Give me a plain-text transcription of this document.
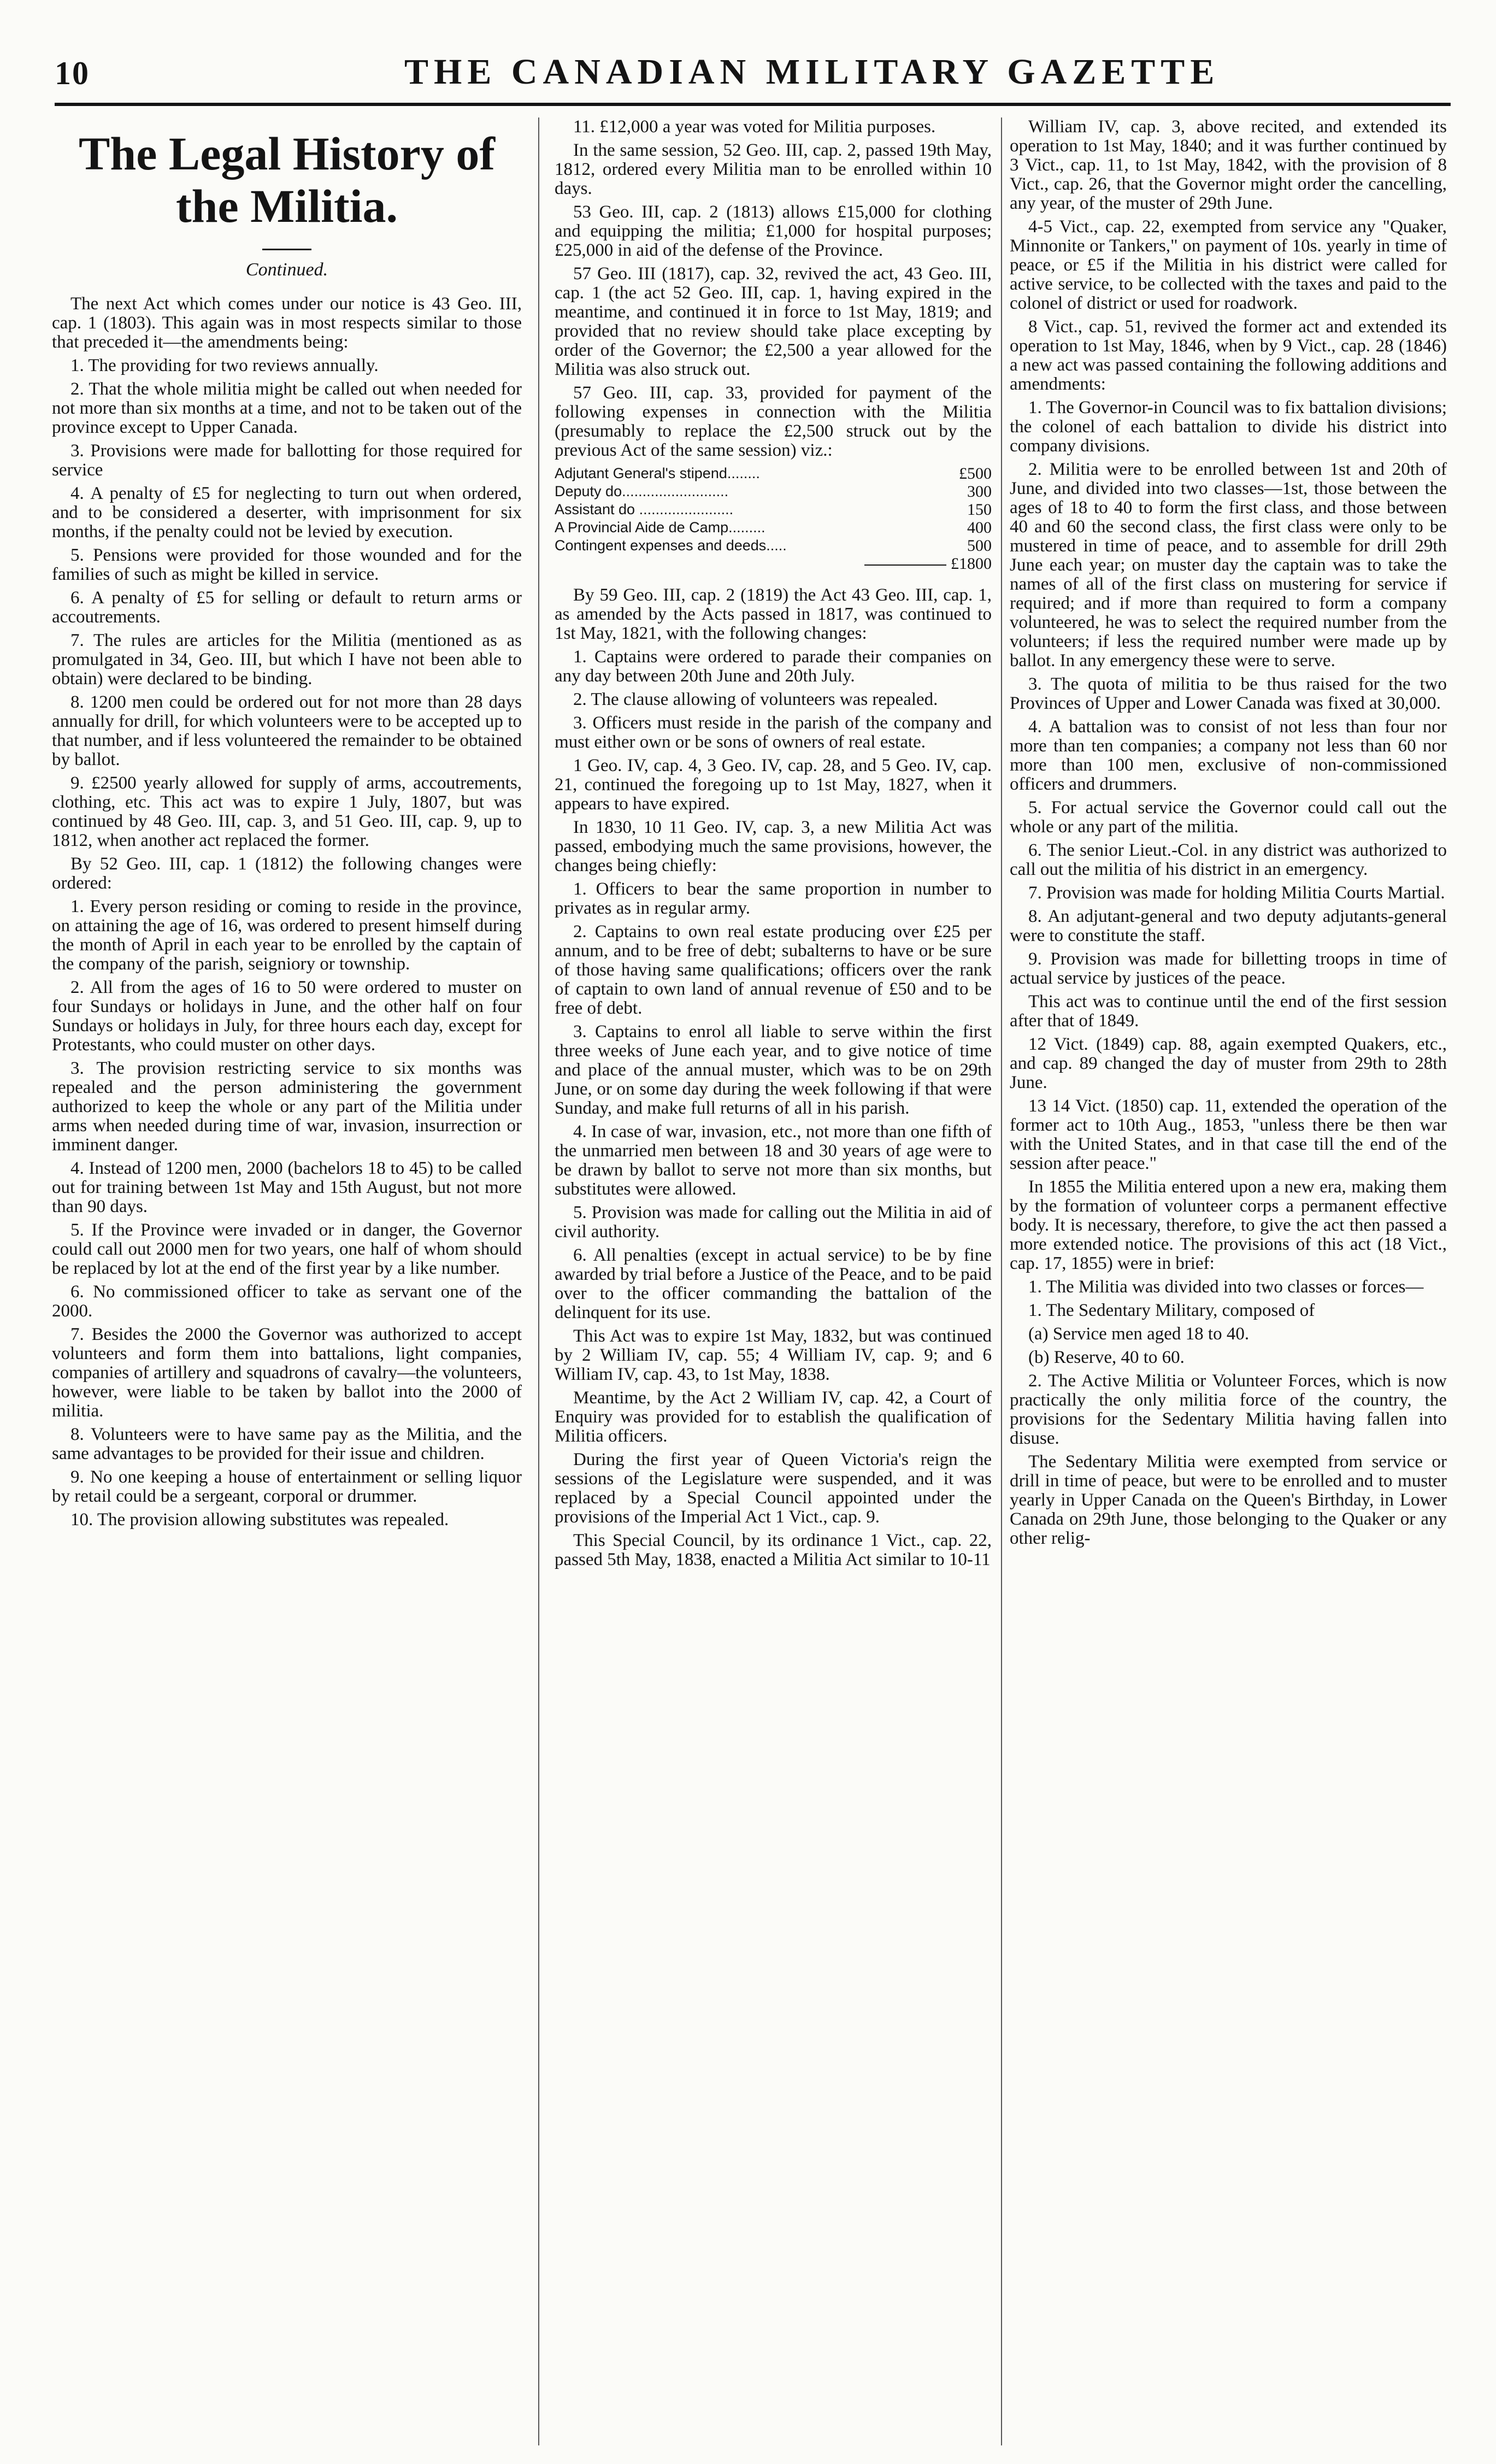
10	THE CANADIAN MILITARY GAZETTE
The Legal History of the Militia.
Continued.

The next Act which comes under our notice is 43 Geo. III, cap. 1 (1803). This again was in most respects similar to those that preceded it—the amendments being:

1. The providing for two reviews annually.

2. That the whole militia might be called out when needed for not more than six months at a time, and not to be taken out of the province except to Upper Canada.

3. Provisions were made for ballotting for those required for service

4. A penalty of £5 for neglecting to turn out when ordered, and to be considered a deserter, with imprisonment for six months, if the penalty could not be levied by execution.

5. Pensions were provided for those wounded and for the families of such as might be killed in service.

6. A penalty of £5 for selling or default to return arms or accoutrements.

7. The rules are articles for the Militia (mentioned as as promulgated in 34, Geo. III, but which I have not been able to obtain) were declared to be binding.

8. 1200 men could be ordered out for not more than 28 days annually for drill, for which volunteers were to be accepted up to that number, and if less volunteered the remainder to be obtained by ballot.

9. £2500 yearly allowed for supply of arms, accoutrements, clothing, etc. This act was to expire 1 July, 1807, but was continued by 48 Geo. III, cap. 3, and 51 Geo. III, cap. 9, up to 1812, when another act replaced the former.

By 52 Geo. III, cap. 1 (1812) the following changes were ordered:

1. Every person residing or coming to reside in the province, on attaining the age of 16, was ordered to present himself during the month of April in each year to be enrolled by the captain of the company of the parish, seigniory or township.

2. All from the ages of 16 to 50 were ordered to muster on four Sundays or holidays in June, and the other half on four Sundays or holidays in July, for three hours each day, except for Protestants, who could muster on other days.

3. The provision restricting service to six months was repealed and the person administering the government authorized to keep the whole or any part of the Militia under arms when needed during time of war, invasion, insurrection or imminent danger.

4. Instead of 1200 men, 2000 (bachelors 18 to 45) to be called out for training between 1st May and 15th August, but not more than 90 days.

5. If the Province were invaded or in danger, the Governor could call out 2000 men for two years, one half of whom should be replaced by lot at the end of the first year by a like number.

6. No commissioned officer to take as servant one of the 2000.

7. Besides the 2000 the Governor was authorized to accept volunteers and form them into battalions, light companies, companies of artillery and squadrons of cavalry—the volunteers, however, were liable to be taken by ballot into the 2000 of militia.

8. Volunteers were to have same pay as the Militia, and the same advantages to be provided for their issue and children.

9. No one keeping a house of entertainment or selling liquor by retail could be a sergeant, corporal or drummer.

10. The provision allowing substitutes was repealed.

11. £12,000 a year was voted for Militia purposes.

In the same session, 52 Geo. III, cap. 2, passed 19th May, 1812, ordered every Militia man to be enrolled within 10 days.

53 Geo. III, cap. 2 (1813) allows £15,000 for clothing and equipping the militia; £1,000 for hospital purposes; £25,000 in aid of the defense of the Province.

57 Geo. III (1817), cap. 32, revived the act, 43 Geo. III, cap. 1 (the act 52 Geo. III, cap. 1, having expired in the meantime, and continued it in force to 1st May, 1819; and provided that no review should take place excepting by order of the Governor; the £2,500 a year allowed for the Militia was also struck out.

57 Geo. III, cap. 33, provided for payment of the following expenses in connection with the Militia (presumably to replace the £2,500 struck out by the previous Act of the same session) viz.:

Adjutant General's stipend........	£500
Deputy do..........................	300
Assistant do .......................	150
A Provincial Aide de Camp.........	400
Contingent expenses and deeds.....	500
£1800	

By 59 Geo. III, cap. 2 (1819) the Act 43 Geo. III, cap. 1, as amended by the Acts passed in 1817, was continued to 1st May, 1821, with the following changes:

1. Captains were ordered to parade their companies on any day between 20th June and 20th July.

2. The clause allowing of volunteers was repealed.

3. Officers must reside in the parish of the company and must either own or be sons of owners of real estate.

1 Geo. IV, cap. 4, 3 Geo. IV, cap. 28, and 5 Geo. IV, cap. 21, continued the foregoing up to 1st May, 1827, when it appears to have expired.

In 1830, 10 11 Geo. IV, cap. 3, a new Militia Act was passed, embodying much the same provisions, however, the changes being chiefly:

1. Officers to bear the same proportion in number to privates as in regular army.

2. Captains to own real estate producing over £25 per annum, and to be free of debt; subalterns to have or be sure of those having same qualifications; officers over the rank of captain to own land of annual revenue of £50 and to be free of debt.

3. Captains to enrol all liable to serve within the first three weeks of June each year, and to give notice of time and place of the annual muster, which was to be on 29th June, or on some day during the week following if that were Sunday, and make full returns of all in his parish.

4. In case of war, invasion, etc., not more than one fifth of the unmarried men between 18 and 30 years of age were to be drawn by ballot to serve not more than six months, but substitutes were allowed.

5. Provision was made for calling out the Militia in aid of civil authority.

6. All penalties (except in actual service) to be by fine awarded by trial before a Justice of the Peace, and to be paid over to the officer commanding the battalion of the delinquent for its use.

This Act was to expire 1st May, 1832, but was continued by 2 William IV, cap. 55; 4 William IV, cap. 9; and 6 William IV, cap. 43, to 1st May, 1838.

Meantime, by the Act 2 William IV, cap. 42, a Court of Enquiry was provided for to establish the qualification of Militia officers.

During the first year of Queen Victoria's reign the sessions of the Legislature were suspended, and it was replaced by a Special Council appointed under the provisions of the Imperial Act 1 Vict., cap. 9.

This Special Council, by its ordinance 1 Vict., cap. 22, passed 5th May, 1838, enacted a Militia Act similar to 10-11

William IV, cap. 3, above recited, and extended its operation to 1st May, 1840; and it was further continued by 3 Vict., cap. 11, to 1st May, 1842, with the provision of 8 Vict., cap. 26, that the Governor might order the cancelling, any year, of the muster of 29th June.

4-5 Vict., cap. 22, exempted from service any "Quaker, Minnonite or Tankers," on payment of 10s. yearly in time of peace, or £5 if the Militia in his district were called for active service, to be collected with the taxes and paid to the colonel of district or used for roadwork.

8 Vict., cap. 51, revived the former act and extended its operation to 1st May, 1846, when by 9 Vict., cap. 28 (1846) a new act was passed containing the following additions and amendments:

1. The Governor-in Council was to fix battalion divisions; the colonel of each battalion to divide his district into company divisions.

2. Militia were to be enrolled between 1st and 20th of June, and divided into two classes—1st, those between the ages of 18 to 40 to form the first class, and those between 40 and 60 the second class, the first class were only to be mustered in time of peace, and to assemble for drill 29th June each year; on muster day the captain was to take the names of all of the first class on mustering for service if required; and if more than required to form a company volunteered, he was to select the required number from the volunteers; if less the required number were made up by ballot. In any emergency these were to serve.

3. The quota of militia to be thus raised for the two Provinces of Upper and Lower Canada was fixed at 30,000.

4. A battalion was to consist of not less than four nor more than ten companies; a company not less than 60 nor more than 100 men, exclusive of non-commissioned officers and drummers.

5. For actual service the Governor could call out the whole or any part of the militia.

6. The senior Lieut.-Col. in any district was authorized to call out the militia of his district in an emergency.

7. Provision was made for holding Militia Courts Martial.

8. An adjutant-general and two deputy adjutants-general were to constitute the staff.

9. Provision was made for billetting troops in time of actual service by justices of the peace.

This act was to continue until the end of the first session after that of 1849.

12 Vict. (1849) cap. 88, again exempted Quakers, etc., and cap. 89 changed the day of muster from 29th to 28th June.

13 14 Vict. (1850) cap. 11, extended the operation of the former act to 10th Aug., 1853, "unless there be then war with the United States, and in that case till the end of the session after peace."

In 1855 the Militia entered upon a new era, making them by the formation of volunteer corps a permanent effective body. It is necessary, therefore, to give the act then passed a more extended notice. The provisions of this act (18 Vict., cap. 17, 1855) were in brief:

1. The Militia was divided into two classes or forces—

1. The Sedentary Military, composed of

(a) Service men aged 18 to 40.

(b) Reserve, 40 to 60.

2. The Active Militia or Volunteer Forces, which is now practically the only militia force of the country, the provisions for the Sedentary Militia having fallen into disuse.

The Sedentary Militia were exempted from service or drill in time of peace, but were to be enrolled and to muster yearly in Upper Canada on the Queen's Birthday, in Lower Canada on 29th June, those belonging to the Quaker or any other relig-
